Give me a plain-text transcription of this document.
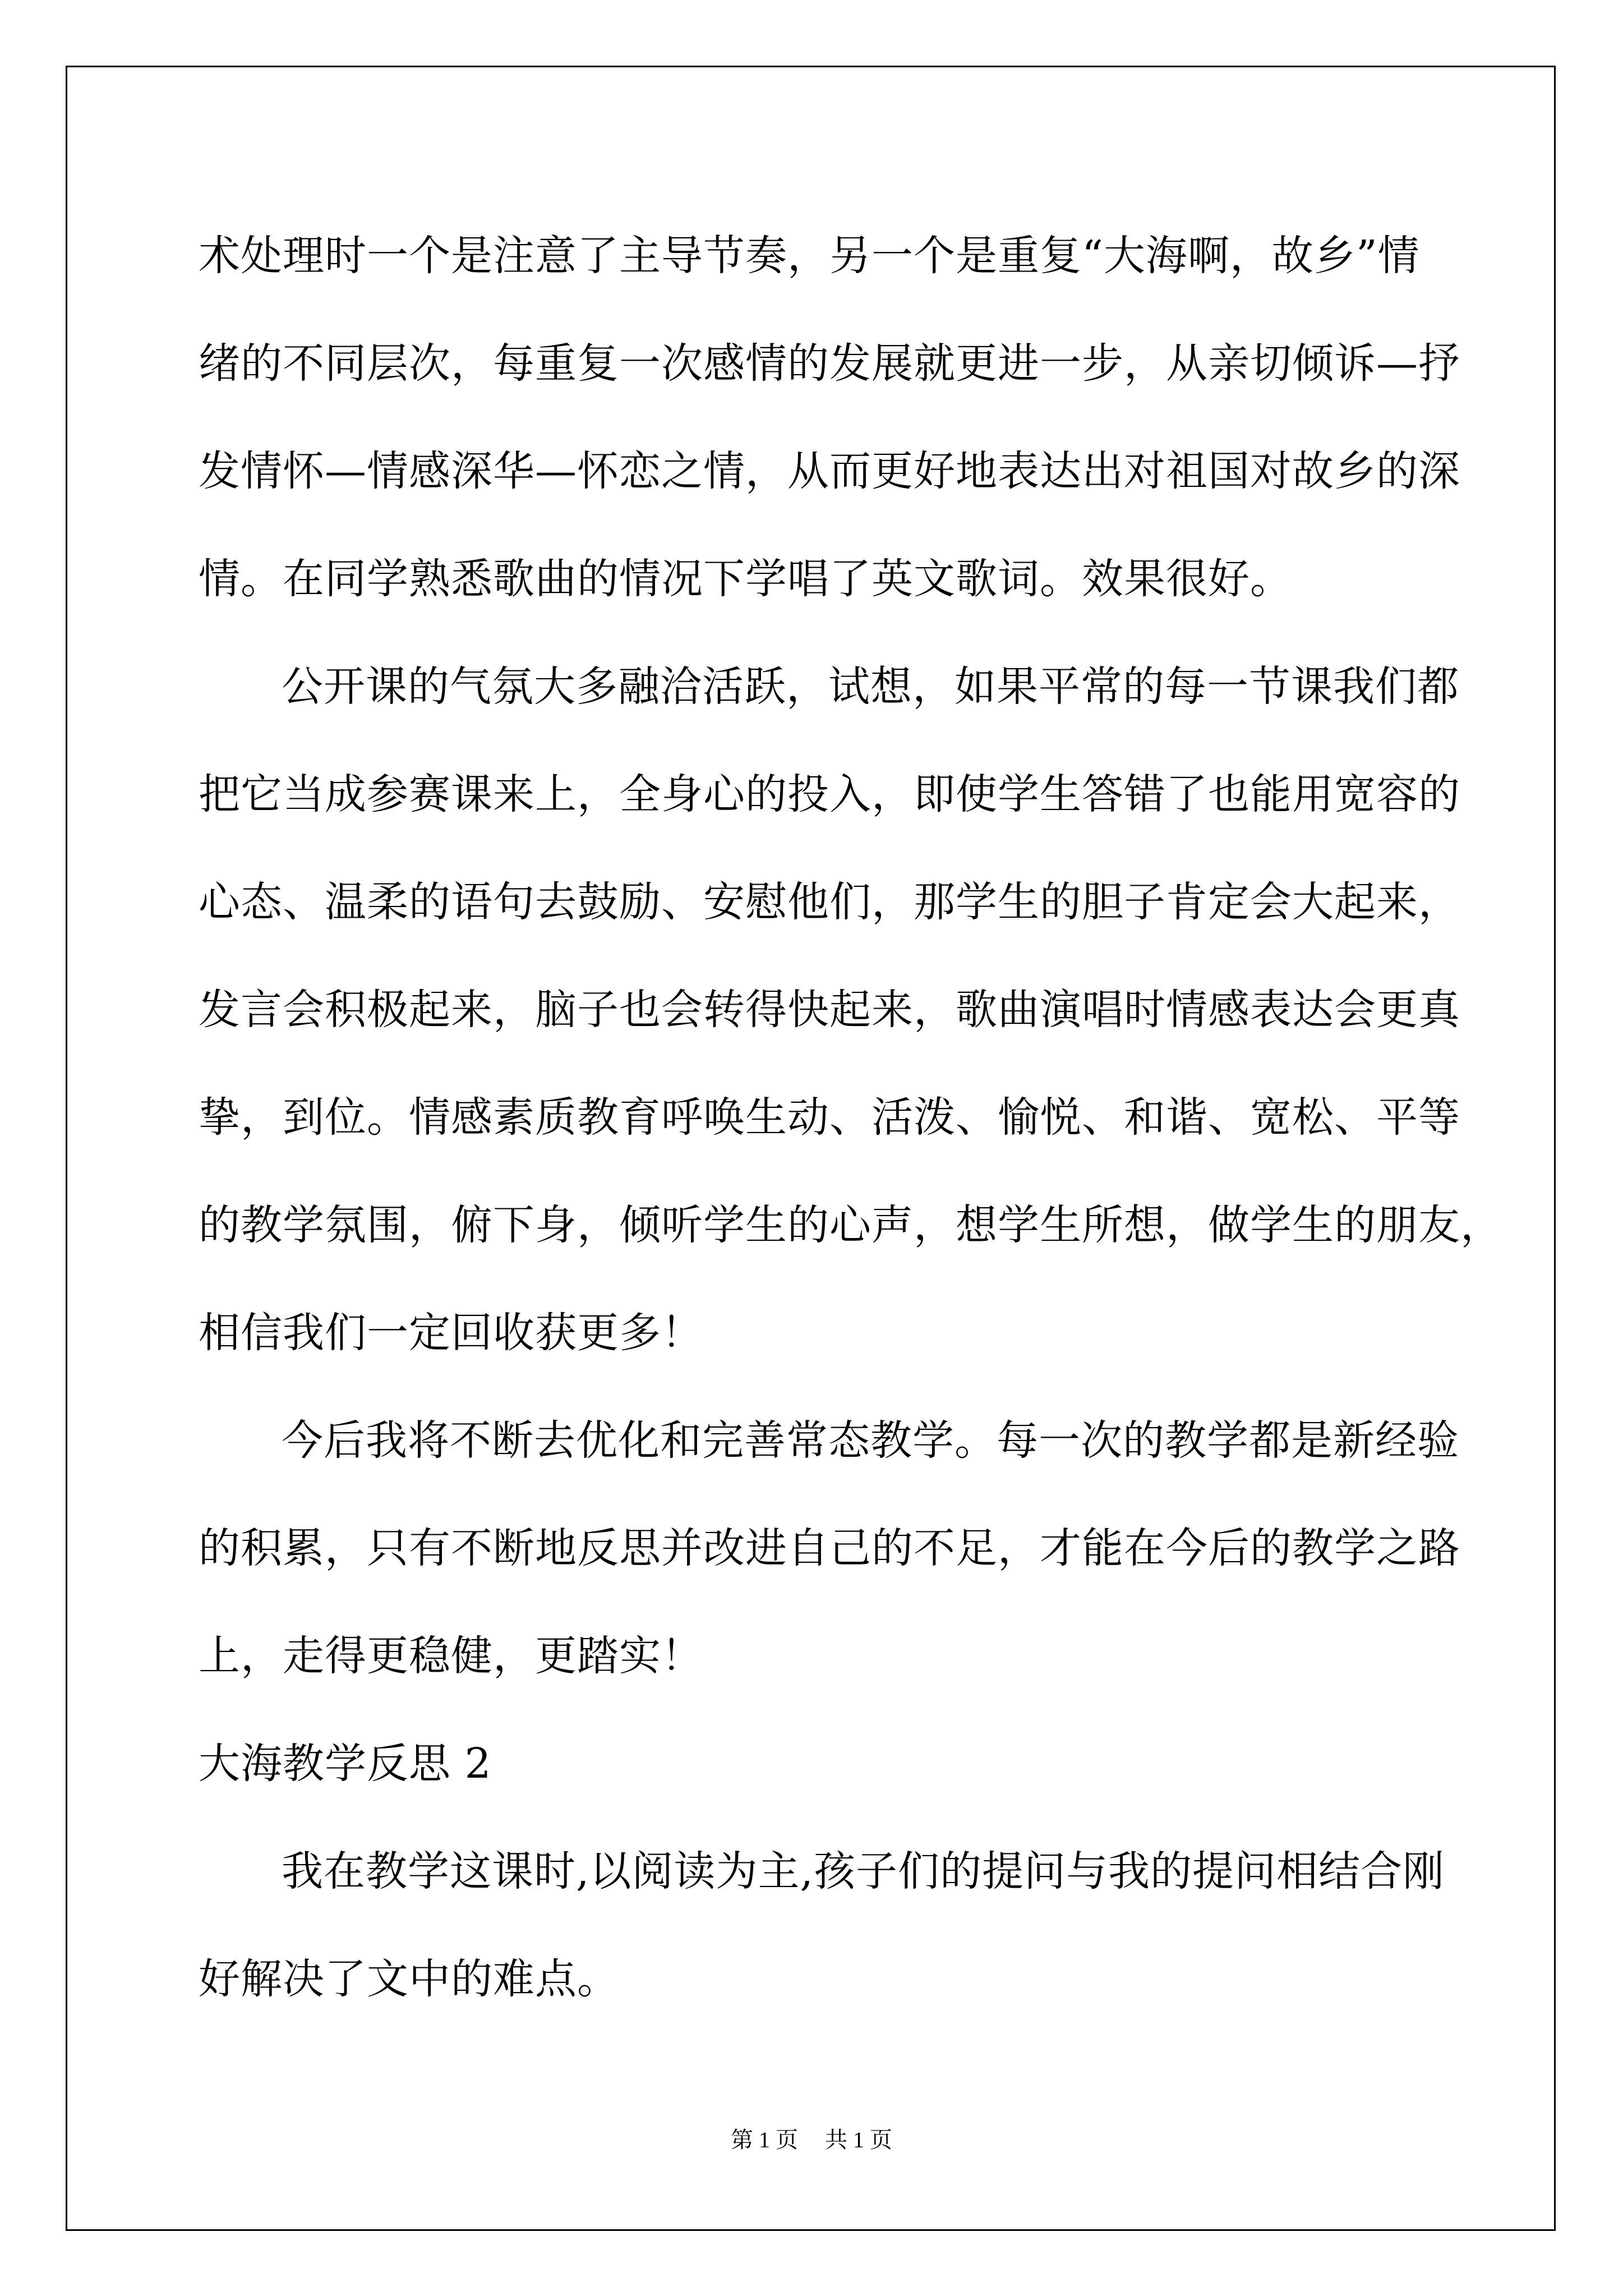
术处理时一个是注意了主导节奏，另一个是重复“大海啊，故乡”情
绪的不同层次，每重复一次感情的发展就更进一步，从亲切倾诉—抒
发情怀—情感深华—怀恋之情，从而更好地表达出对祖国对故乡的深
情。在同学熟悉歌曲的情况下学唱了英文歌词。效果很好。
公开课的气氛大多融洽活跃，试想，如果平常的每一节课我们都
把它当成参赛课来上，全身心的投入，即使学生答错了也能用宽容的
心态、温柔的语句去鼓励、安慰他们，那学生的胆子肯定会大起来，
发言会积极起来，脑子也会转得快起来，歌曲演唱时情感表达会更真
挚，到位。情感素质教育呼唤生动、活泼、愉悦、和谐、宽松、平等
的教学氛围，俯下身，倾听学生的心声，想学生所想，做学生的朋友，
相信我们一定回收获更多！
今后我将不断去优化和完善常态教学。每一次的教学都是新经验
的积累，只有不断地反思并改进自己的不足，才能在今后的教学之路
上，走得更稳健，更踏实！
大海教学反思 2
我在教学这课时,以阅读为主,孩子们的提问与我的提问相结合刚
好解决了文中的难点。
第 1 页 共 1 页
